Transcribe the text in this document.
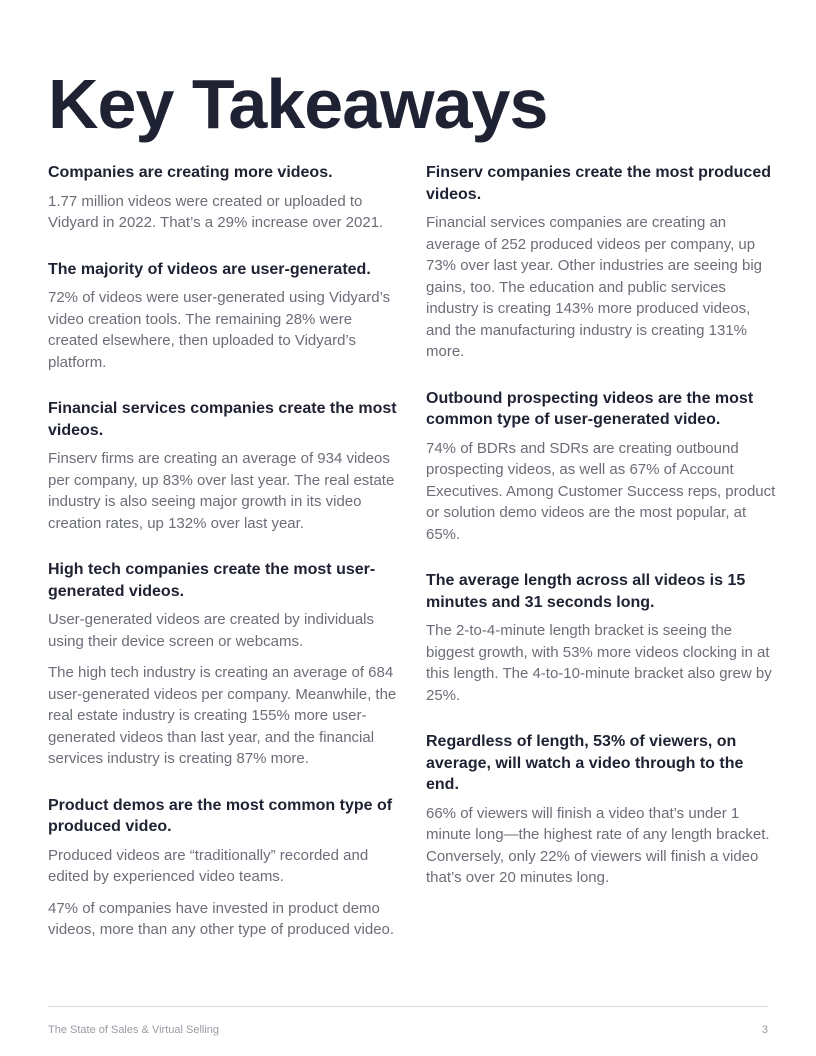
Key Takeaways
Companies are creating more videos.

1.77 million videos were created or uploaded to Vidyard in 2022. That’s a 29% increase over 2021.

The majority of videos are user-generated.

72% of videos were user-generated using Vidyard’s video creation tools. The remaining 28% were created elsewhere, then uploaded to Vidyard’s platform.

Financial services companies create the most videos.

Finserv firms are creating an average of 934 videos per company, up 83% over last year. The real estate industry is also seeing major growth in its video creation rates, up 132% over last year.

High tech companies create the most user-generated videos.

User-generated videos are created by individuals using their device screen or webcams.

The high tech industry is creating an average of 684 user-generated videos per company. Meanwhile, the real estate industry is creating 155% more user-generated videos than last year, and the financial services industry is creating 87% more.

Product demos are the most common type of produced video.

Produced videos are “traditionally” recorded and edited by experienced video teams.

47% of companies have invested in product demo videos, more than any other type of produced video.

Finserv companies create the most produced videos.

Financial services companies are creating an average of 252 produced videos per company, up 73% over last year. Other industries are seeing big gains, too. The education and public services industry is creating 143% more produced videos, and the manufacturing industry is creating 131% more.

Outbound prospecting videos are the most common type of user-generated video.

74% of BDRs and SDRs are creating outbound prospecting videos, as well as 67% of Account Executives. Among Customer Success reps, product or solution demo videos are the most popular, at 65%.

The average length across all videos is 15 minutes and 31 seconds long.

The 2-to-4-minute length bracket is seeing the biggest growth, with 53% more videos clocking in at this length. The 4-to-10-minute bracket also grew by 25%.

Regardless of length, 53% of viewers, on average, will watch a video through to the end.

66% of viewers will finish a video that’s under 1 minute long—the highest rate of any length bracket. Conversely, only 22% of viewers will finish a video that’s over 20 minutes long.

The State of Sales & Virtual Selling	3
